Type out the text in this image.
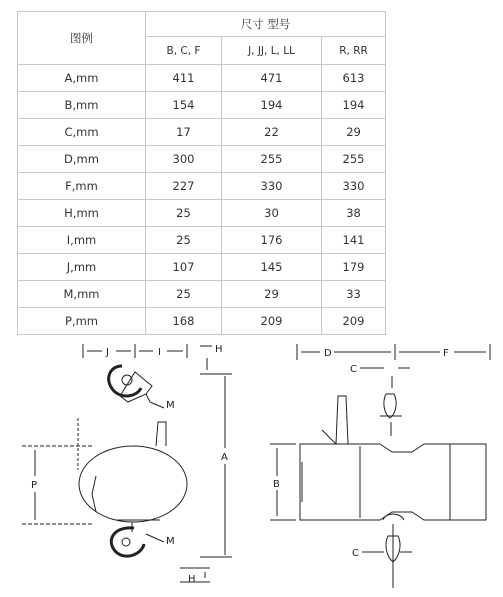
图例	尺寸 型号		
	B, C, F	J, JJ, L, LL	R, RR
A,mm	411	471	613
B,mm	154	194	194
C,mm	17	22	29
D,mm	300	255	255
F,mm	227	330	330
H,mm	25	30	38
I,mm	25	176	141
J,mm	107	145	179
M,mm	25	29	33
P,mm	168	209	209
J	I	H
A
H
M
M
P
D	F
C
B
C
